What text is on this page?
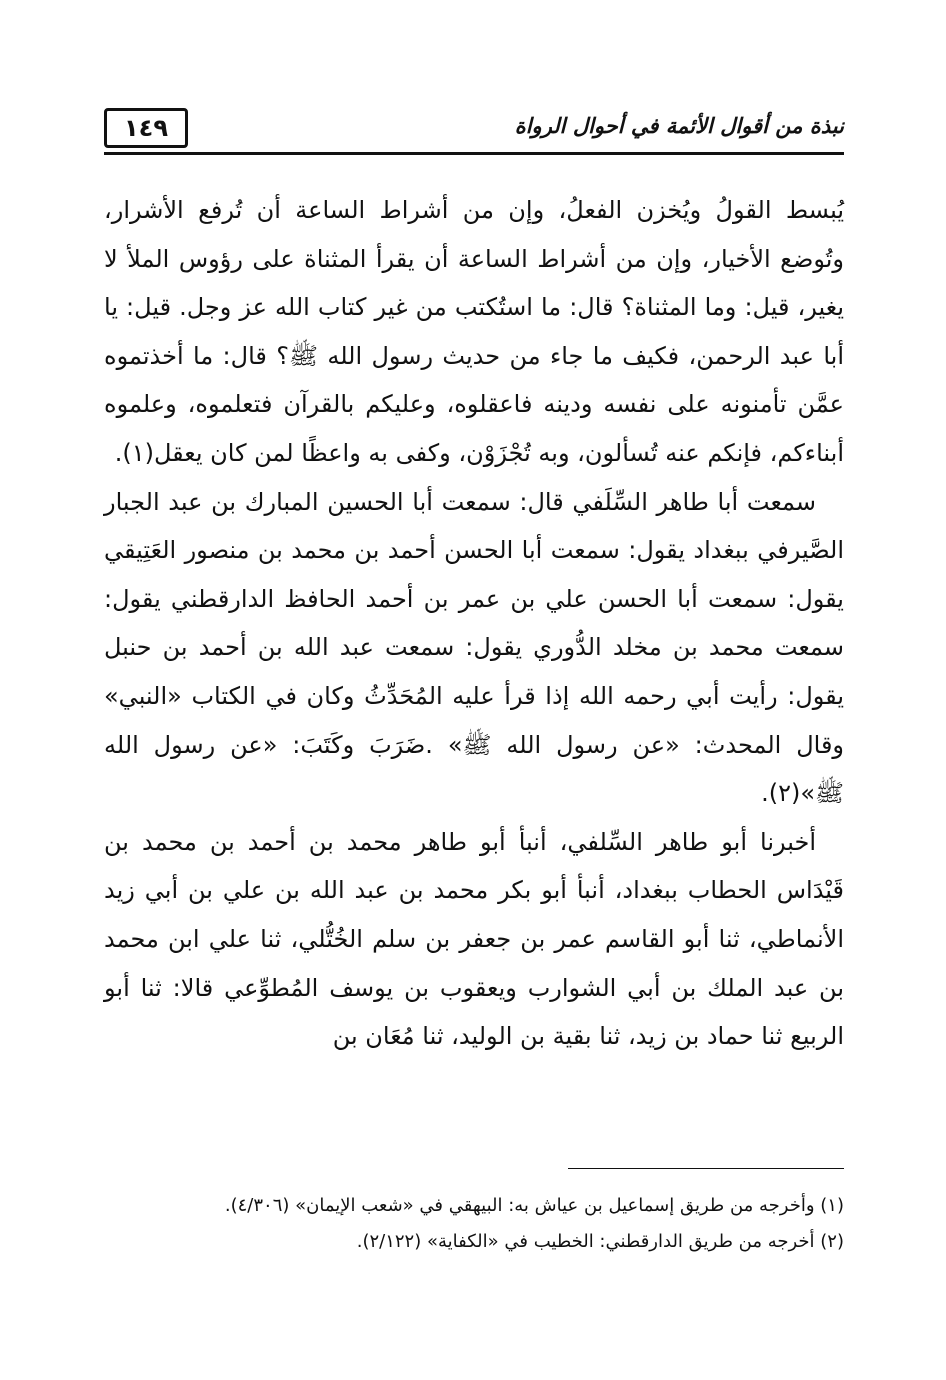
١٤٩	نبذة من أقوال الأئمة في أحوال الرواة

يُبسط القولُ ويُخزن الفعلُ، وإن من أشراط الساعة أن تُرفع الأشرار، وتُوضع الأخيار، وإن من أشراط الساعة أن يقرأ المثناة على رؤوس الملأ لا يغير، قيل: وما المثناة؟ قال: ما استُكتب من غير كتاب الله عز وجل. قيل: يا أبا عبد الرحمن، فكيف ما جاء من حديث رسول الله ﷺ؟ قال: ما أخذتموه عمَّن تأمنونه على نفسه ودينه فاعقلوه، وعليكم بالقرآن فتعلموه، وعلموه أبناءكم، فإنكم عنه تُسألون، وبه تُجْزَوْن، وكفى به واعظًا لمن كان يعقل(١).

سمعت أبا طاهر السِّلَفي قال: سمعت أبا الحسين المبارك بن عبد الجبار الصَّيرفي ببغداد يقول: سمعت أبا الحسن أحمد بن محمد بن منصور العَتِيقي يقول: سمعت أبا الحسن علي بن عمر بن أحمد الحافظ الدارقطني يقول: سمعت محمد بن مخلد الدُّوري يقول: سمعت عبد الله بن أحمد بن حنبل يقول: رأيت أبي رحمه الله إذا قرأ عليه المُحَدِّثُ وكان في الكتاب «النبي» وقال المحدث: «عن رسول الله ﷺ» .ضَرَبَ وكَتَبَ: «عن رسول الله ﷺ»(٢).

أخبرنا أبو طاهر السِّلفي، أنبأ أبو طاهر محمد بن أحمد بن محمد بن قَيْدَاس الحطاب ببغداد، أنبأ أبو بكر محمد بن عبد الله بن علي بن أبي زيد الأنماطي، ثنا أبو القاسم عمر بن جعفر بن سلم الخُتُّلي، ثنا علي ابن محمد بن عبد الملك بن أبي الشوارب ويعقوب بن يوسف المُطوِّعي قالا: ثنا أبو الربيع ثنا حماد بن زيد، ثنا بقية بن الوليد، ثنا مُعَان بن

(١) وأخرجه من طريق إسماعيل بن عياش به: البيهقي في «شعب الإيمان» (٤/٣٠٦).
(٢) أخرجه من طريق الدارقطني: الخطيب في «الكفاية» (٢/١٢٢).
